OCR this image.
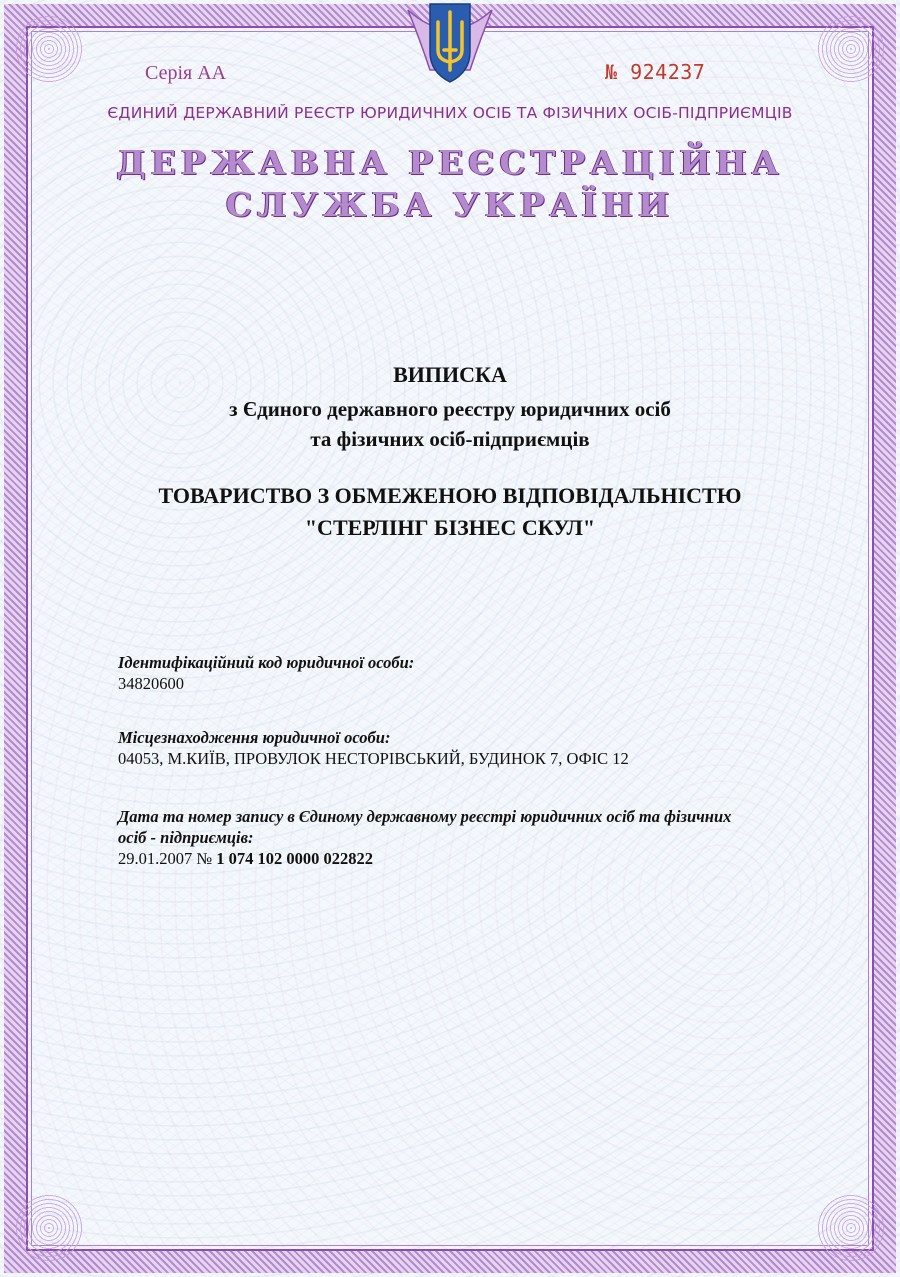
Серія АА	№ 924237
ЄДИНИЙ ДЕРЖАВНИЙ РЕЄСТР ЮРИДИЧНИХ ОСІБ ТА ФІЗИЧНИХ ОСІБ-ПІДПРИЄМЦІВ
ДЕРЖАВНА РЕЄСТРАЦІЙНА
СЛУЖБА УКРАЇНИ
ВИПИСКА
з Єдиного державного реєстру юридичних осіб
та фізичних осіб-підприємців
ТОВАРИСТВО З ОБМЕЖЕНОЮ ВІДПОВІДАЛЬНІСТЮ
"СТЕРЛІНГ БІЗНЕС СКУЛ"
Ідентифікаційний код юридичної особи:
34820600
Місцезнаходження юридичної особи:
04053, М.КИЇВ, ПРОВУЛОК НЕСТОРІВСЬКИЙ, БУДИНОК 7, ОФІС 12
Дата та номер запису в Єдиному державному реєстрі юридичних осіб та фізичних
осіб - підприємців:
29.01.2007 № 1 074 102 0000 022822
